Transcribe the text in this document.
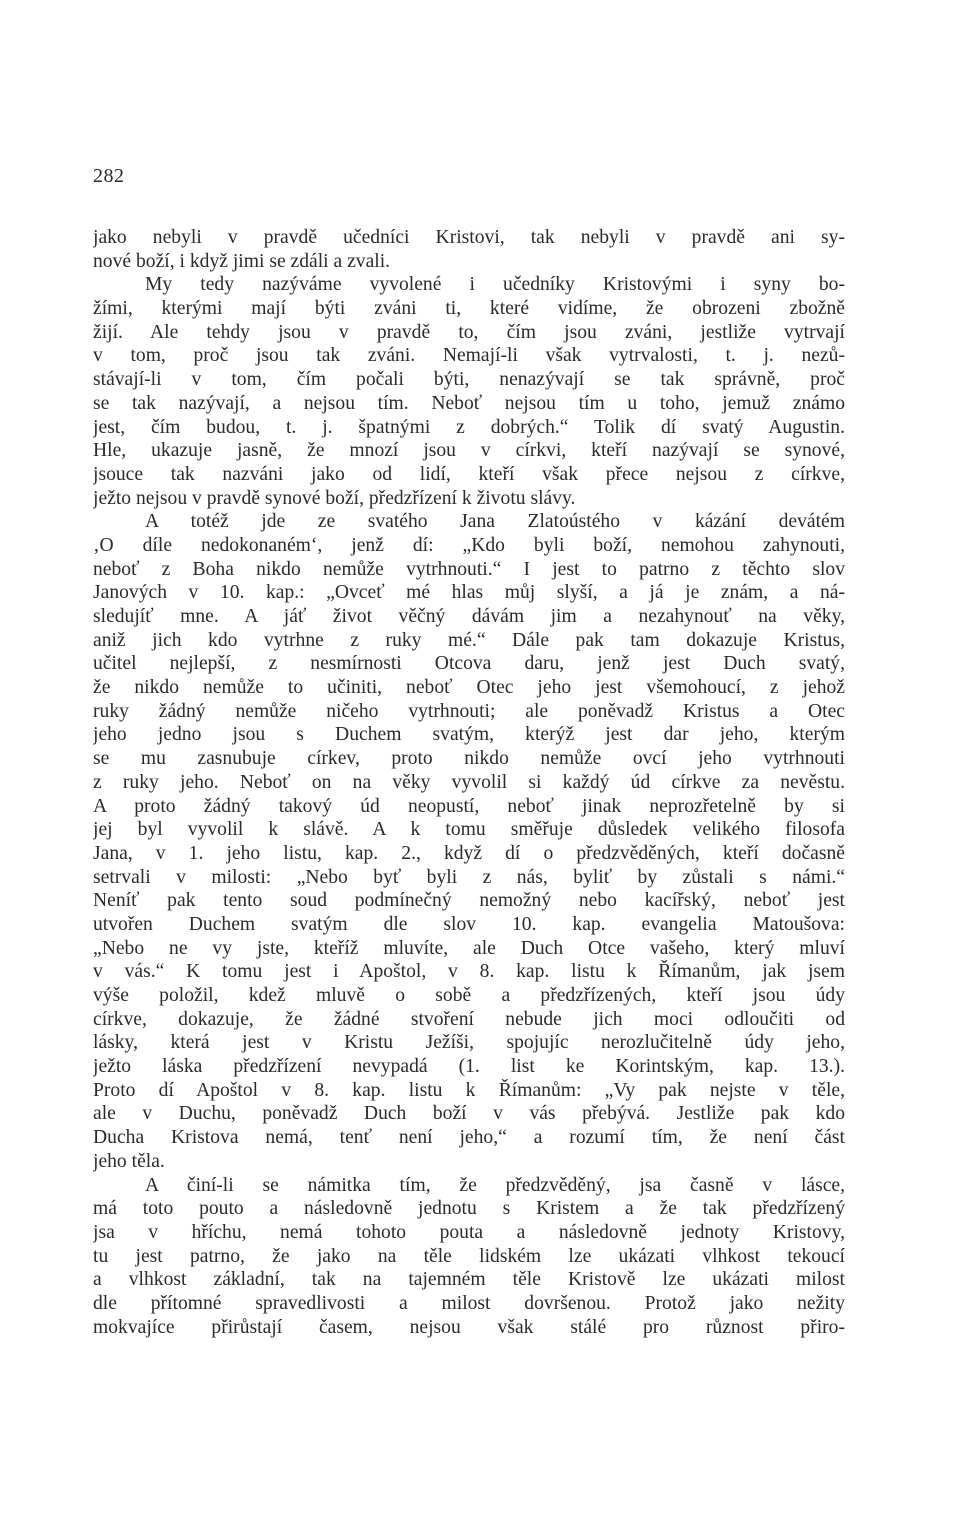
282
jako nebyli v pravdě učedníci Kristovi, tak nebyli v pravdě ani sy-
nové boží, i když jimi se zdáli a zvali.
My tedy nazýváme vyvolené i učedníky Kristovými i syny bo-
žími, kterými mají býti zváni ti, které vidíme, že obrozeni zbožně
žijí. Ale tehdy jsou v pravdě to, čím jsou zváni, jestliže vytrvají
v tom, proč jsou tak zváni. Nemají-li však vytrvalosti, t. j. nezů-
stávají-li v tom, čím počali býti, nenazývají se tak správně, proč
se tak nazývají, a nejsou tím. Neboť nejsou tím u toho, jemuž známo
jest, čím budou, t. j. špatnými z dobrých.“ Tolik dí svatý Augustin.
Hle, ukazuje jasně, že mnozí jsou v církvi, kteří nazývají se synové,
jsouce tak nazváni jako od lidí, kteří však přece nejsou z církve,
ježto nejsou v pravdě synové boží, předzřízení k životu slávy.
A totéž jde ze svatého Jana Zlatoústého v kázání devátém
‚O díle nedokonaném‘, jenž dí: „Kdo byli boží, nemohou zahynouti,
neboť z Boha nikdo nemůže vytrhnouti.“ I jest to patrno z těchto slov
Janových v 10. kap.: „Ovceť mé hlas můj slyší, a já je znám, a ná-
sledujíť mne. A jáť život věčný dávám jim a nezahynouť na věky,
aniž jich kdo vytrhne z ruky mé.“ Dále pak tam dokazuje Kristus,
učitel nejlepší, z nesmírnosti Otcova daru, jenž jest Duch svatý,
že nikdo nemůže to učiniti, neboť Otec jeho jest všemohoucí, z jehož
ruky žádný nemůže ničeho vytrhnouti; ale poněvadž Kristus a Otec
jeho jedno jsou s Duchem svatým, kterýž jest dar jeho, kterým
se mu zasnubuje církev, proto nikdo nemůže ovcí jeho vytrhnouti
z ruky jeho. Neboť on na věky vyvolil si každý úd církve za nevěstu.
A proto žádný takový úd neopustí, neboť jinak neprozřetelně by si
jej byl vyvolil k slávě. A k tomu směřuje důsledek velikého filosofa
Jana, v 1. jeho listu, kap. 2., když dí o předzvěděných, kteří dočasně
setrvali v milosti: „Nebo byť byli z nás, byliť by zůstali s námi.“
Neníť pak tento soud podmínečný nemožný nebo kacířský, neboť jest
utvořen Duchem svatým dle slov 10. kap. evangelia Matoušova:
„Nebo ne vy jste, kteříž mluvíte, ale Duch Otce vašeho, který mluví
v vás.“ K tomu jest i Apoštol, v 8. kap. listu k Římanům, jak jsem
výše položil, kdež mluvě o sobě a předzřízených, kteří jsou údy
církve, dokazuje, že žádné stvoření nebude jich moci odloučiti od
lásky, která jest v Kristu Ježíši, spojujíc nerozlučitelně údy jeho,
ježto láska předzřízení nevypadá (1. list ke Korintským, kap. 13.).
Proto dí Apoštol v 8. kap. listu k Římanům: „Vy pak nejste v těle,
ale v Duchu, poněvadž Duch boží v vás přebývá. Jestliže pak kdo
Ducha Kristova nemá, tenť není jeho,“ a rozumí tím, že není část
jeho těla.
A činí-li se námitka tím, že předzvěděný, jsa časně v lásce,
má toto pouto a následovně jednotu s Kristem a že tak předzřízený
jsa v hříchu, nemá tohoto pouta a následovně jednoty Kristovy,
tu jest patrno, že jako na těle lidském lze ukázati vlhkost tekoucí
a vlhkost základní, tak na tajemném těle Kristově lze ukázati milost
dle přítomné spravedlivosti a milost dovršenou. Protož jako nežity
mokvajíce přirůstají časem, nejsou však stálé pro různost přiro-
